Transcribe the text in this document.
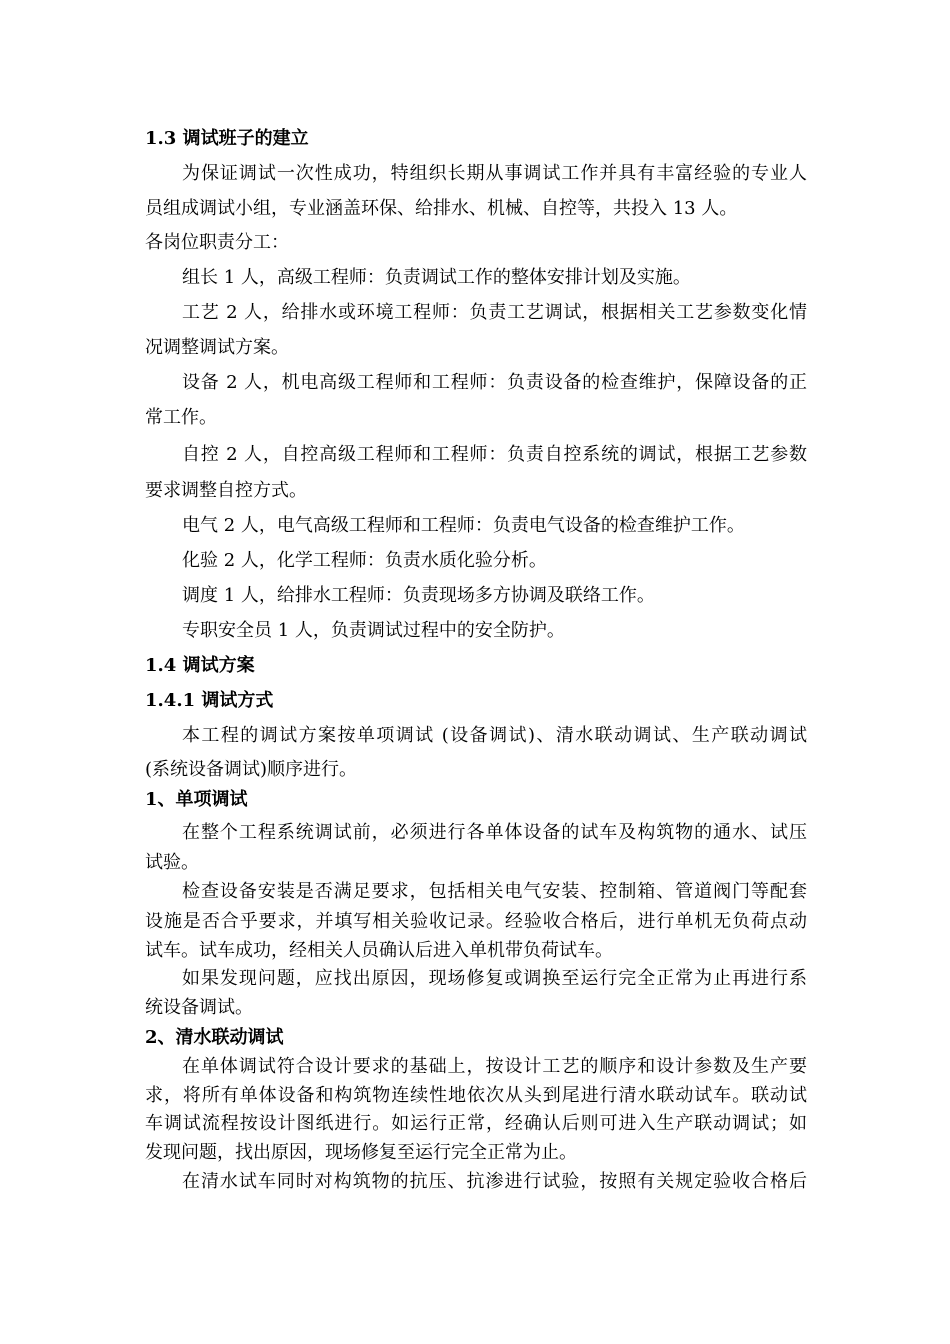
1.3 调试班子的建立
为保证调试一次性成功，特组织长期从事调试工作并具有丰富经验的专业人
员组成调试小组，专业涵盖环保、给排水、机械、自控等，共投入 13 人。
各岗位职责分工：
组长 1 人，高级工程师：负责调试工作的整体安排计划及实施。
工艺 2 人，给排水或环境工程师：负责工艺调试，根据相关工艺参数变化情
况调整调试方案。
设备 2 人，机电高级工程师和工程师：负责设备的检查维护，保障设备的正
常工作。
自控 2 人，自控高级工程师和工程师：负责自控系统的调试，根据工艺参数
要求调整自控方式。
电气 2 人，电气高级工程师和工程师：负责电气设备的检查维护工作。
化验 2 人，化学工程师：负责水质化验分析。
调度 1 人，给排水工程师：负责现场多方协调及联络工作。
专职安全员 1 人，负责调试过程中的安全防护。
1.4 调试方案
1.4.1 调试方式
本工程的调试方案按单项调试 (设备调试)、清水联动调试、生产联动调试
(系统设备调试)顺序进行。
1、单项调试
在整个工程系统调试前，必须进行各单体设备的试车及构筑物的通水、试压
试验。
检查设备安装是否满足要求，包括相关电气安装、控制箱、管道阀门等配套
设施是否合乎要求，并填写相关验收记录。经验收合格后，进行单机无负荷点动
试车。试车成功，经相关人员确认后进入单机带负荷试车。
如果发现问题，应找出原因，现场修复或调换至运行完全正常为止再进行系
统设备调试。
2、清水联动调试
在单体调试符合设计要求的基础上，按设计工艺的顺序和设计参数及生产要
求，将所有单体设备和构筑物连续性地依次从头到尾进行清水联动试车。联动试
车调试流程按设计图纸进行。如运行正常，经确认后则可进入生产联动调试；如
发现问题，找出原因，现场修复至运行完全正常为止。
在清水试车同时对构筑物的抗压、抗渗进行试验，按照有关规定验收合格后
